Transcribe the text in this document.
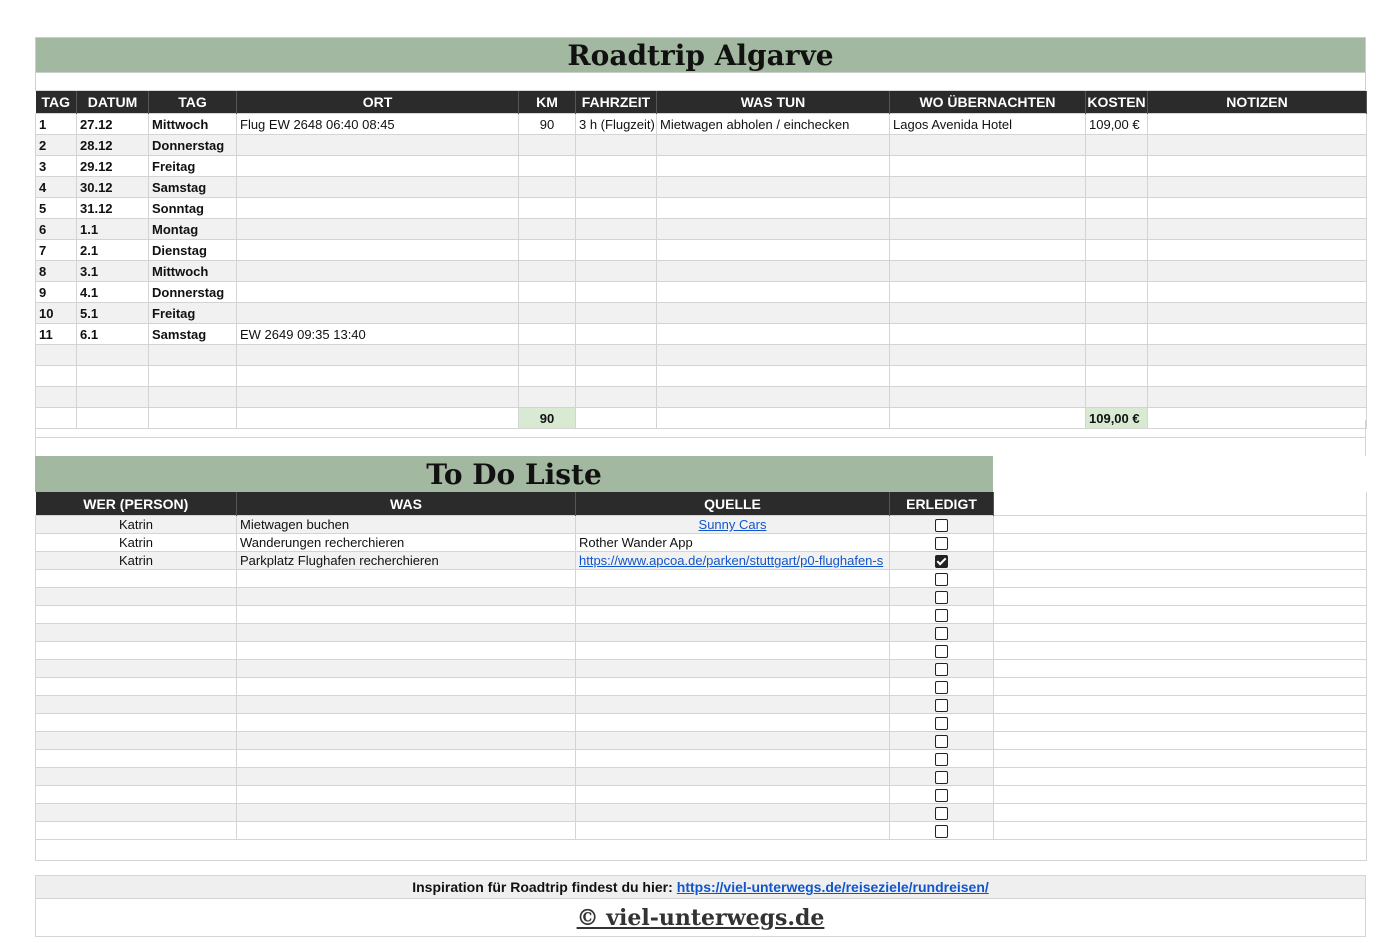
Roadtrip Algarve
TAG	DATUM	TAG	ORT	KM	FAHRZEIT	WAS TUN	WO ÜBERNACHTEN	KOSTEN	NOTIZEN
1	27.12	Mittwoch	Flug EW 2648 06:40 08:45	90	3 h (Flugzeit)	Mietwagen abholen / einchecken	Lagos Avenida Hotel	109,00 €	
2	28.12	Donnerstag							
3	29.12	Freitag							
4	30.12	Samstag							
5	31.12	Sonntag							
6	1.1	Montag							
7	2.1	Dienstag							
8	3.1	Mittwoch							
9	4.1	Donnerstag							
10	5.1	Freitag							
11	6.1	Samstag	EW 2649 09:35 13:40						

				90				109,00 €	
To Do Liste
WER (PERSON)	WAS	QUELLE	ERLEDIGT	
Katrin	Mietwagen buchen	Sunny Cars		
Katrin	Wanderungen recherchieren	Rother Wander App		
Katrin	Parkplatz Flughafen recherchieren	https://www.apcoa.de/parken/stuttgart/p0-flughafen-s		

Inspiration für Roadtrip findest du hier: https://viel-unterwegs.de/reiseziele/rundreisen/
© viel-unterwegs.de
